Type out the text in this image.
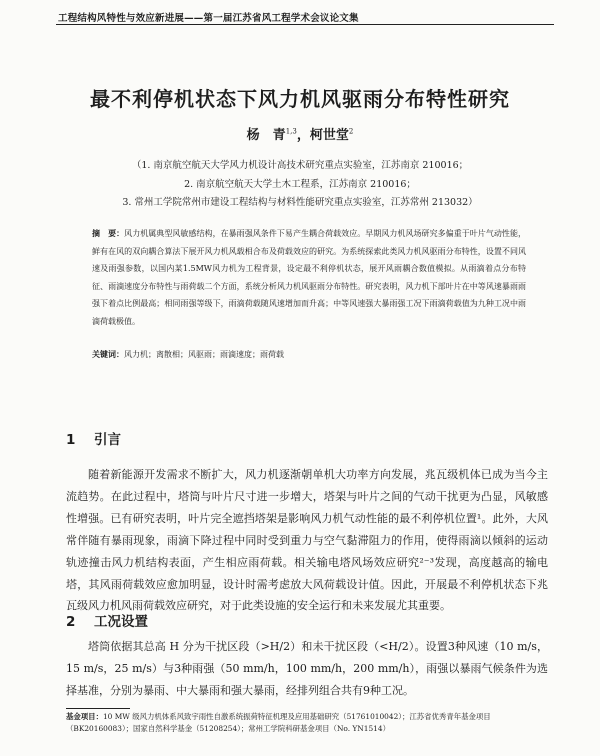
工程结构风特性与效应新进展——第一届江苏省风工程学术会议论文集
最不利停机状态下风力机风驱雨分布特性研究
杨　青$^{1,3}$，柯世堂$^2$
（1. 南京航空航天大学风力机设计高技术研究重点实验室，江苏南京 210016；
2. 南京航空航天大学土木工程系，江苏南京 210016；
3. 常州工学院常州市建设工程结构与材料性能研究重点实验室，江苏常州 213032）
摘　要：风力机属典型风敏感结构，在暴雨强风条件下易产生耦合荷载效应。早期风力机风场研究多偏重于叶片气动性能，鲜有在风的双向耦合算法下展开风力机风载相合布及荷载效应的研究。为系统探索此类风力机风驱雨分布特性，设置不同风速及雨强参数，以国内某1.5MW风力机为工程背景，设定最不利停机状态，展开风雨耦合数值模拟。从雨滴着点分布特征、雨滴速度分布特性与雨荷载二个方面，系统分析风力机风驱雨分布特性。研究表明，风力机下部叶片在中等风速暴雨雨强下着点比例最高；相同雨强等级下，雨滴荷载随风速增加而升高；中等风速强大暴雨强工况下雨滴荷载值为九种工况中雨滴荷载极值。
关键词：风力机；离散相；风驱雨；雨滴速度；雨荷载
1 引言
随着新能源开发需求不断扩大，风力机逐渐朝单机大功率方向发展，兆瓦级机体已成为当今主流趋势。在此过程中，塔筒与叶片尺寸进一步增大，塔架与叶片之间的气动干扰更为凸显，风敏感性增强。已有研究表明，叶片完全遮挡塔架是影响风力机气动性能的最不利停机位置¹。此外，大风常伴随有暴雨现象，雨滴下降过程中同时受到重力与空气黏滞阻力的作用，使得雨滴以倾斜的运动轨迹撞击风力机结构表面，产生相应雨荷载。相关输电塔风场效应研究²⁻³发现，高度越高的输电塔，其风雨荷载效应愈加明显，设计时需考虑放大风荷载设计值。因此，开展最不利停机状态下兆瓦级风力机风雨荷载效应研究，对于此类设施的安全运行和未来发展尤其重要。
2 工况设置
塔筒依据其总高 H 分为干扰区段（>H/2）和未干扰区段（<H/2）。设置3种风速（10 m/s，15 m/s，25 m/s）与3种雨强（50 mm/h，100 mm/h，200 mm/h），雨强以暴雨气候条件为选择基准，分别为暴雨、中大暴雨和强大暴雨，经排列组合共有9种工况。
基金项目：10 MW 级风力机体系风致宇雨性自激系统振荷特征机理及应用基础研究（51761010042）；江苏省优秀青年基金项目（BK20160083）；国家自然科学基金（51208254）；常州工学院科研基金项目（No. YN1514）
